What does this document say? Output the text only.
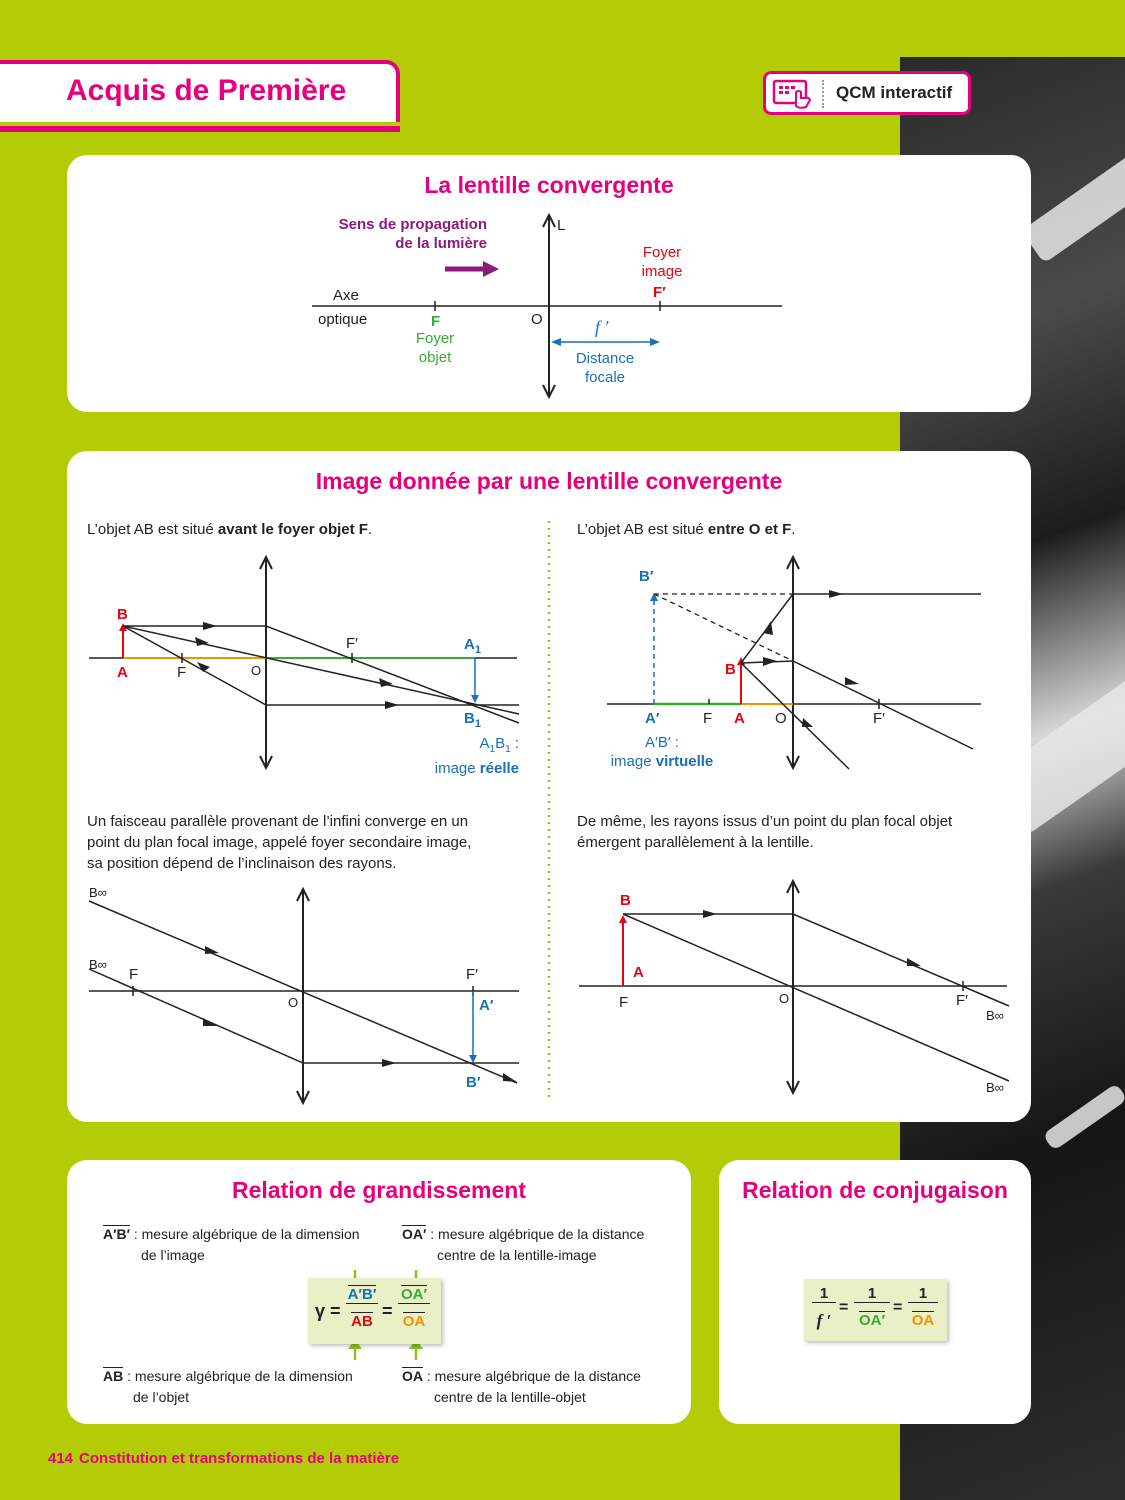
Acquis de Première	QCM interactif
La lentille convergente
Sens de propagation
de la lumière
L
Foyer
image
F′
Axe
optique	F
Foyer
objet
O	f ′
Distance
focale
Image donnée par une lentille convergente
L’objet AB est situé avant le foyer objet F.
B
A	F	O
F′	$A_1$
$B_1$
$A_1B_1$ :
image réelle
L’objet AB est situé entre O et F.
B′
B
A′	F A O	F′
A′B′ :
image virtuelle
Un faisceau parallèle provenant de l’infini converge en un
point du plan focal image, appelé foyer secondaire image,
sa position dépend de l’inclinaison des rayons.
B∞
B∞
F
O
F′
A′
B′
De même, les rayons issus d’un point du plan focal objet
émergent parallèlement à la lentille.
B
A
F	O	F′
B∞
B∞
Relation de grandissement
A′B′ : mesure algébrique de la dimension
de l’image
OA′ : mesure algébrique de la distance
centre de la lentille-image
γ =
A′B′
AB
=
OA′
OA
AB : mesure algébrique de la dimension
de l’objet
OA : mesure algébrique de la distance
centre de la lentille-objet
Relation de conjugaison
1
f ′
=
1
OA′
=
1
OA
414 Constitution et transformations de la matière
